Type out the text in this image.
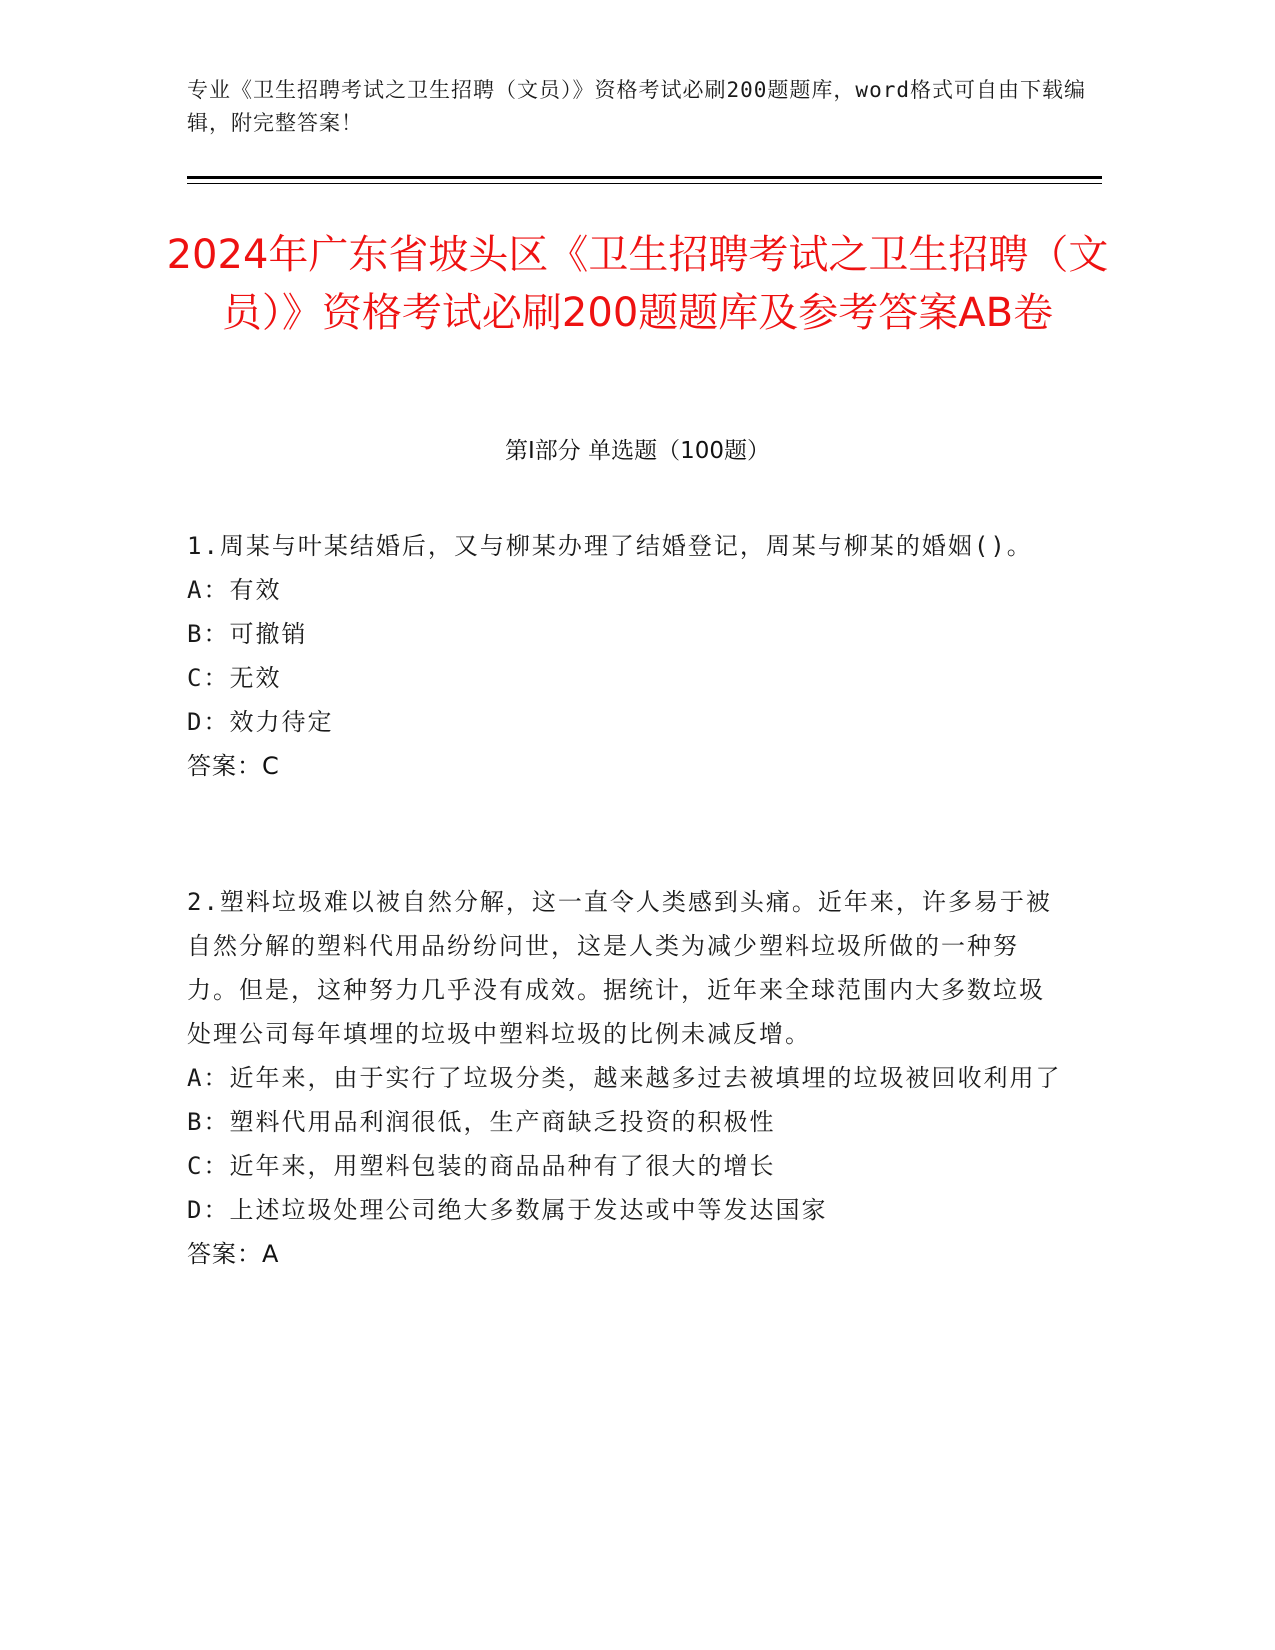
专业《卫生招聘考试之卫生招聘（文员）》资格考试必刷200题题库，word格式可自由下载编辑，附完整答案！
2024年广东省坡头区《卫生招聘考试之卫生招聘（文员）》资格考试必刷200题题库及参考答案AB卷
第Ⅰ部分 单选题（100题）

1.周某与叶某结婚后，又与柳某办理了结婚登记，周某与柳某的婚姻()。

A：有效

B：可撤销

C：无效

D：效力待定

答案：C

2.塑料垃圾难以被自然分解，这一直令人类感到头痛。近年来，许多易于被自然分解的塑料代用品纷纷问世，这是人类为减少塑料垃圾所做的一种努力。但是，这种努力几乎没有成效。据统计，近年来全球范围内大多数垃圾处理公司每年填埋的垃圾中塑料垃圾的比例未减反增。

A：近年来，由于实行了垃圾分类，越来越多过去被填埋的垃圾被回收利用了

B：塑料代用品利润很低，生产商缺乏投资的积极性

C：近年来，用塑料包装的商品品种有了很大的增长

D：上述垃圾处理公司绝大多数属于发达或中等发达国家

答案：A
